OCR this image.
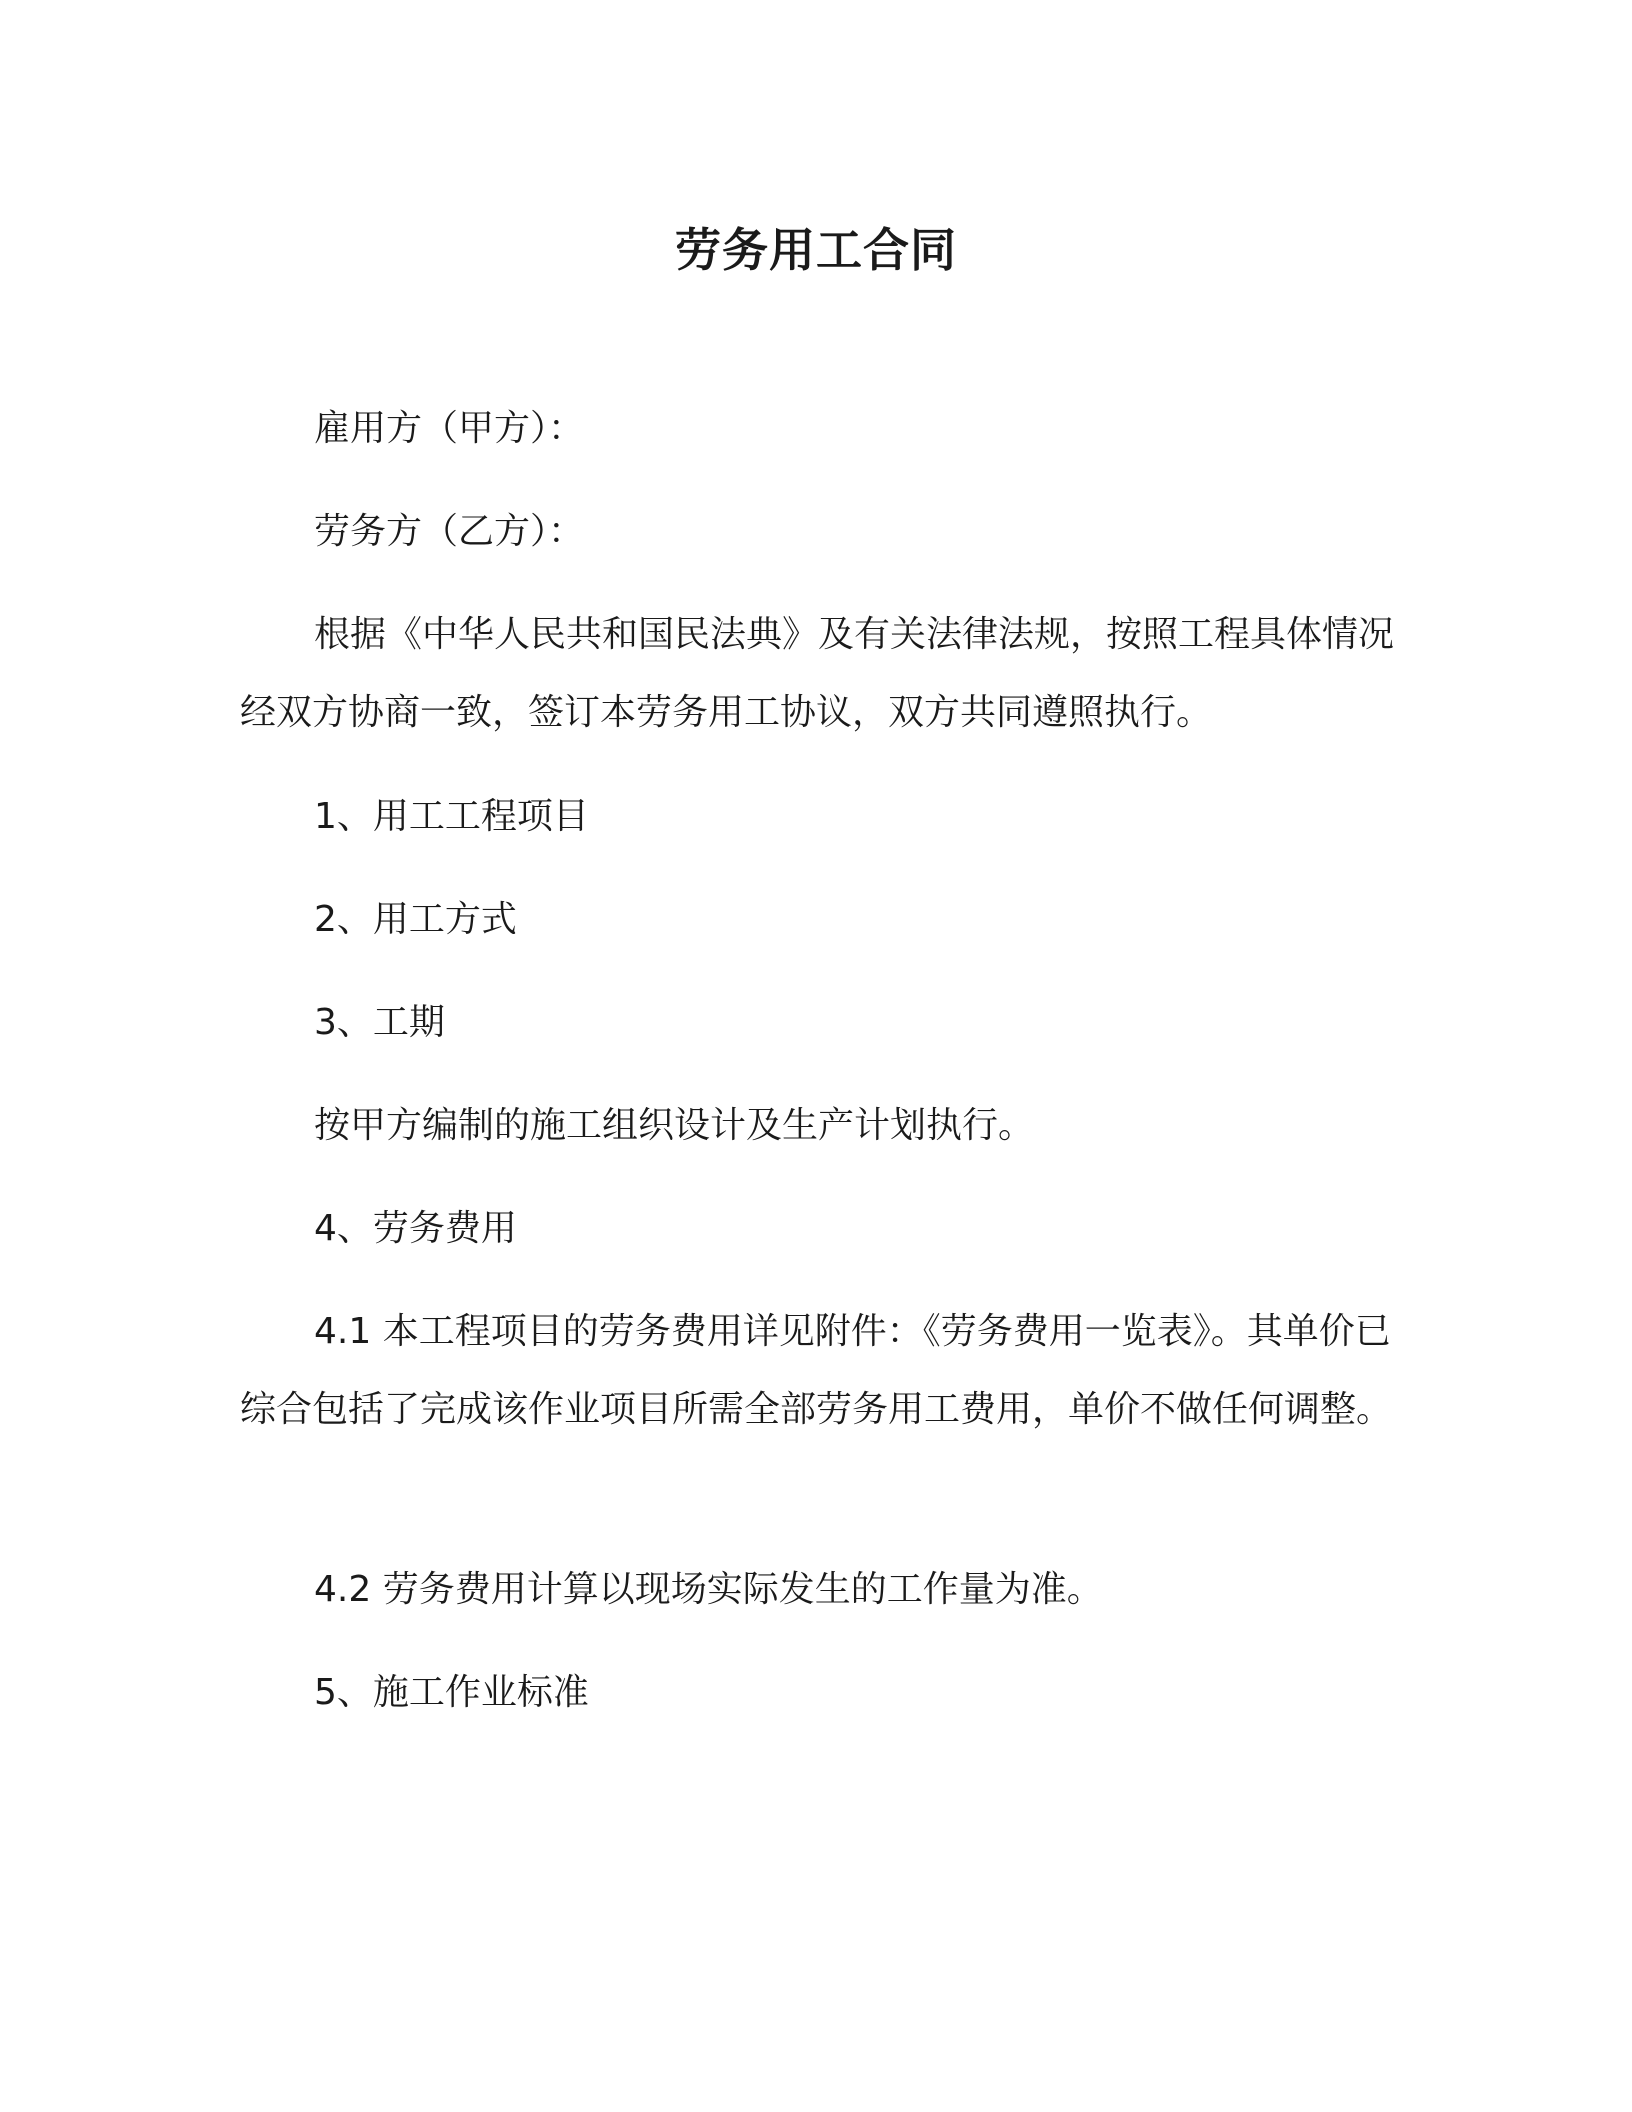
劳务用工合同

雇用方（甲方）：

劳务方（乙方）：

根据《中华人民共和国民法典》及有关法律法规，按照工程具体情况经双方协商一致，签订本劳务用工协议，双方共同遵照执行。

1、用工工程项目

2、用工方式

3、工期

按甲方编制的施工组织设计及生产计划执行。

4、劳务费用

4.1 本工程项目的劳务费用详见附件：《劳务费用一览表》。其单价已综合包括了完成该作业项目所需全部劳务用工费用，单价不做任何调整。

4.2 劳务费用计算以现场实际发生的工作量为准。

5、施工作业标准
